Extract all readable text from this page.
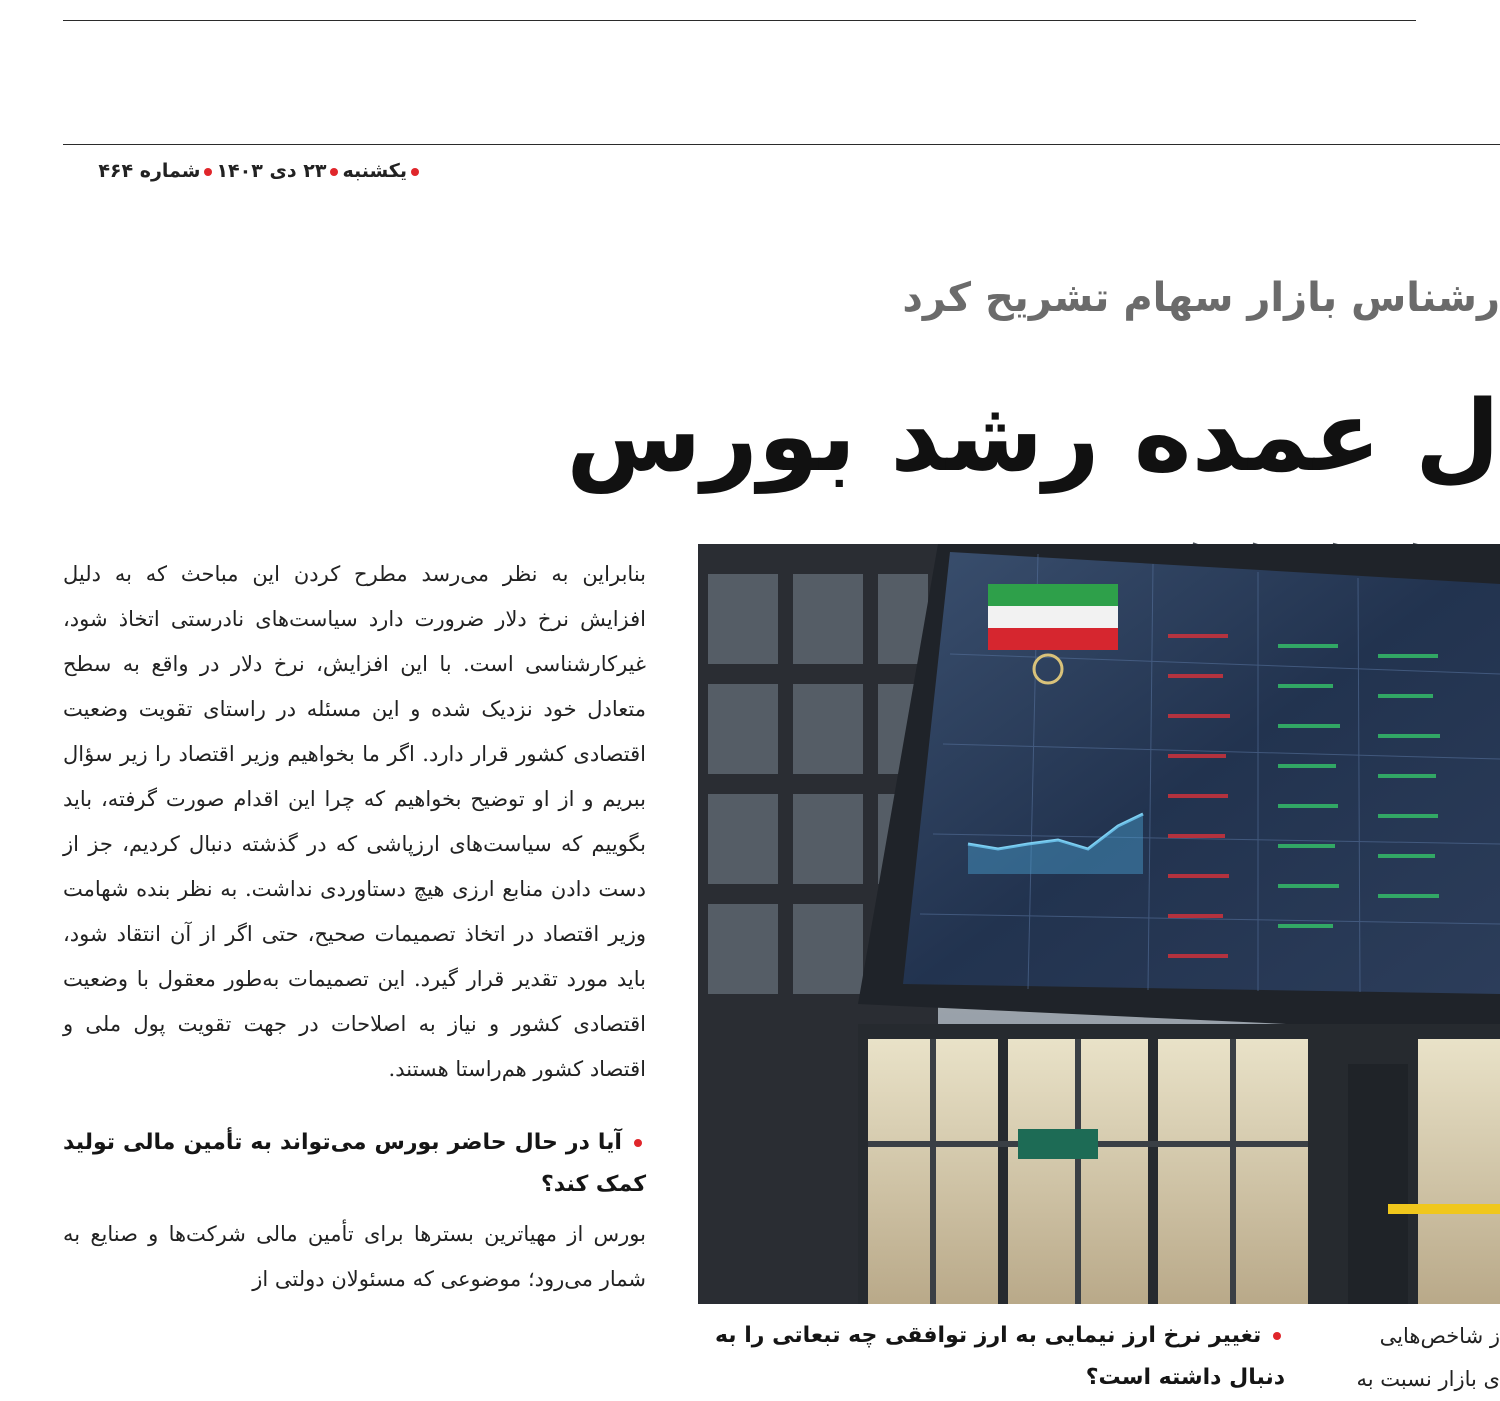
یکشنبه۲۳ دی ۱۴۰۳شماره ۴۶۴
رشناس بازار سهام تشریح کرد
ل عمده رشد بورس

بنابراین به نظر می‌رسد مطرح کردن این مباحث که به دلیل افزایش نرخ دلار ضرورت دارد سیاست‌های نادرستی اتخاذ شود، غیرکارشناسی است. با این افزایش، نرخ دلار در واقع به سطح متعادل خود نزدیک شده و این مسئله در راستای تقویت وضعیت اقتصادی کشور قرار دارد. اگر ما بخواهیم وزیر اقتصاد را زیر سؤال ببریم و از او توضیح بخواهیم که چرا این اقدام صورت گرفته، باید بگوییم که سیاست‌های ارزپاشی که در گذشته دنبال کردیم، جز از دست دادن منابع ارزی هیچ دستاوردی نداشت. به نظر بنده شهامت وزیر اقتصاد در اتخاذ تصمیمات صحیح، حتی اگر از آن انتقاد شود، باید مورد تقدیر قرار گیرد. این تصمیمات به‌طور معقول با وضعیت اقتصادی کشور و نیاز به اصلاحات در جهت تقویت پول ملی و اقتصاد کشور هم‌راستا هستند.

آیا در حال حاضر بورس می‌تواند به تأمین مالی تولید کمک کند؟

بورس از مهیاترین بسترها برای تأمین مالی شرکت‌ها و صنایع به شمار می‌رود؛ موضوعی که مسئولان دولتی از

تغییر نرخ ارز نیمایی به ارز توافقی چه تبعاتی را به دنبال داشته است؟
ز شاخص‌هایی
ی بازار نسبت به
